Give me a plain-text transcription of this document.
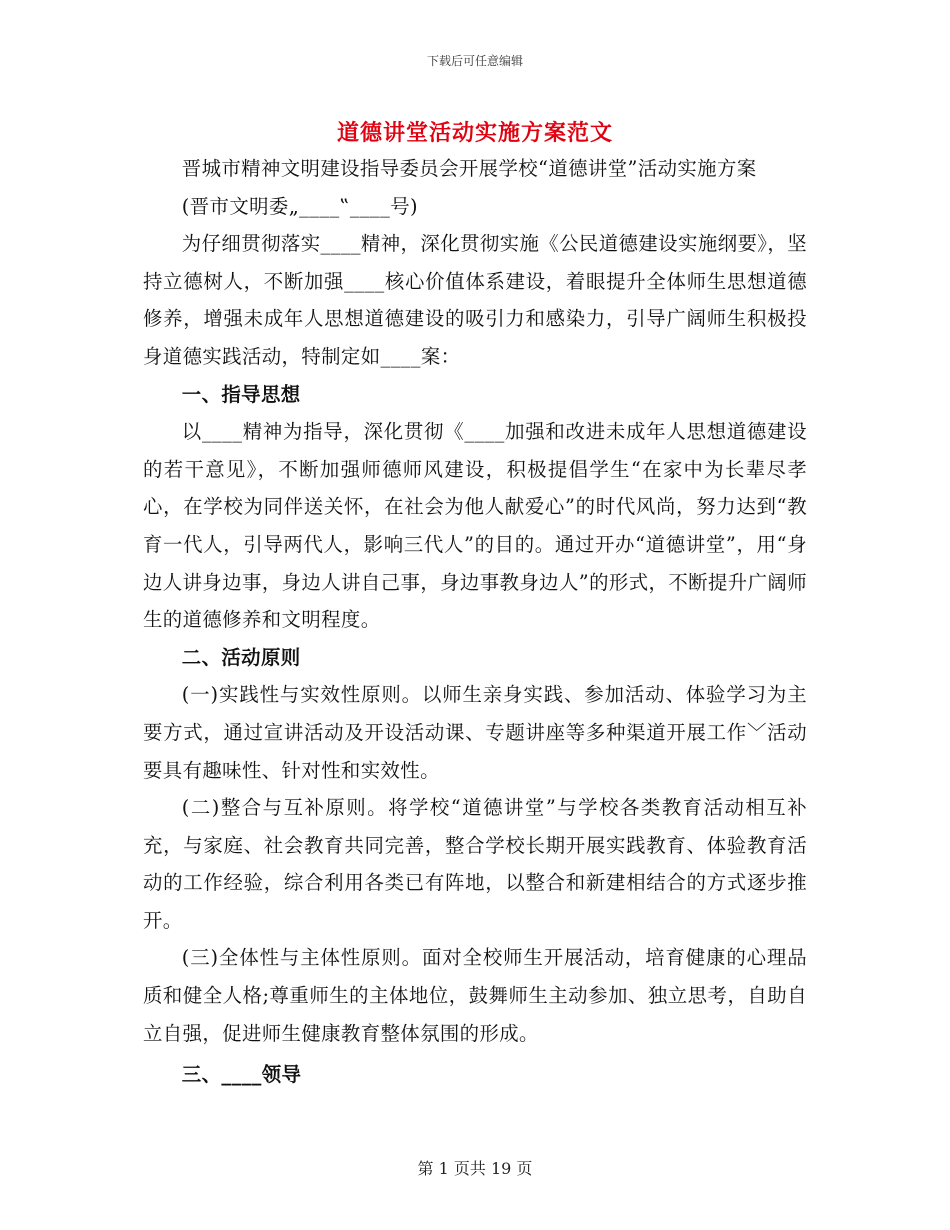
下载后可任意编辑
道德讲堂活动实施方案范文

晋城市精神文明建设指导委员会开展学校“道德讲堂”活动实施方案

(晋市文明委„____‟____号)

为仔细贯彻落实____精神，深化贯彻实施《公民道德建设实施纲要》，坚持立德树人，不断加强____核心价值体系建设，着眼提升全体师生思想道德修养，增强未成年人思想道德建设的吸引力和感染力，引导广阔师生积极投身道德实践活动，特制定如____案：

一、指导思想

以____精神为指导，深化贯彻《____加强和改进未成年人思想道德建设的若干意见》，不断加强师德师风建设，积极提倡学生“在家中为长辈尽孝心，在学校为同伴送关怀，在社会为他人献爱心”的时代风尚，努力达到“教育一代人，引导两代人，影响三代人”的目的。通过开办“道德讲堂”，用“身边人讲身边事，身边人讲自己事，身边事教身边人”的形式，不断提升广阔师生的道德修养和文明程度。

二、活动原则

(一)实践性与实效性原则。以师生亲身实践、参加活动、体验学习为主要方式，通过宣讲活动及开设活动课、专题讲座等多种渠道开展工作﹀活动要具有趣味性、针对性和实效性。

(二)整合与互补原则。将学校“道德讲堂”与学校各类教育活动相互补充，与家庭、社会教育共同完善，整合学校长期开展实践教育、体验教育活动的工作经验，综合利用各类已有阵地，以整合和新建相结合的方式逐步推开。

(三)全体性与主体性原则。面对全校师生开展活动，培育健康的心理品质和健全人格;尊重师生的主体地位，鼓舞师生主动参加、独立思考，自助自立自强，促进师生健康教育整体氛围的形成。

三、____领导

第 1 页共 19 页
